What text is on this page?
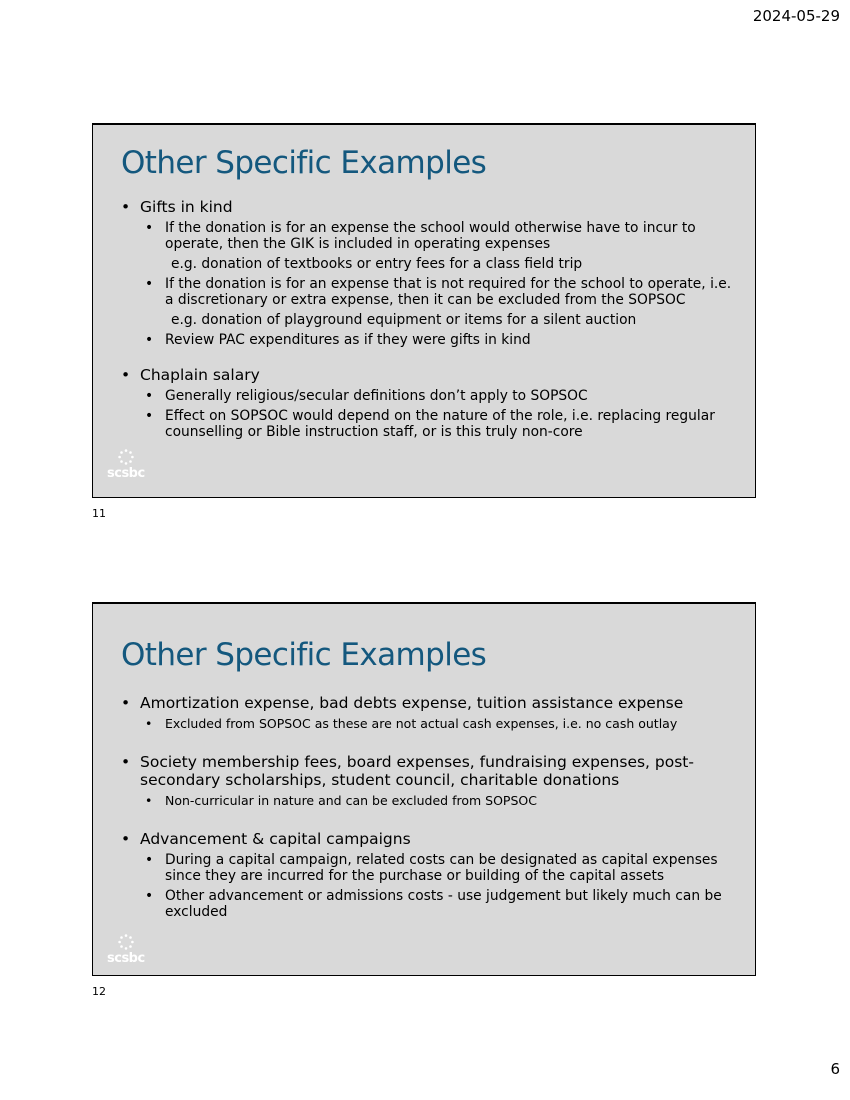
2024-05-29
Other Specific Examples
• Gifts in kind
• If the donation is for an expense the school would otherwise have to incur to operate, then the GIK is included in operating expenses
e.g. donation of textbooks or entry fees for a class field trip
• If the donation is for an expense that is not required for the school to operate, i.e. a discretionary or extra expense, then it can be excluded from the SOPSOC
e.g. donation of playground equipment or items for a silent auction
• Review PAC expenditures as if they were gifts in kind
• Chaplain salary
• Generally religious/secular definitions don’t apply to SOPSOC
• Effect on SOPSOC would depend on the nature of the role, i.e. replacing regular counselling or Bible instruction staff, or is this truly non-core
scsbc
11
Other Specific Examples
• Amortization expense, bad debts expense, tuition assistance expense
• Excluded from SOPSOC as these are not actual cash expenses, i.e. no cash outlay
• Society membership fees, board expenses, fundraising expenses, post-secondary scholarships, student council, charitable donations
• Non-curricular in nature and can be excluded from SOPSOC
• Advancement & capital campaigns
• During a capital campaign, related costs can be designated as capital expenses since they are incurred for the purchase or building of the capital assets
• Other advancement or admissions costs - use judgement but likely much can be excluded
scsbc
12
6
